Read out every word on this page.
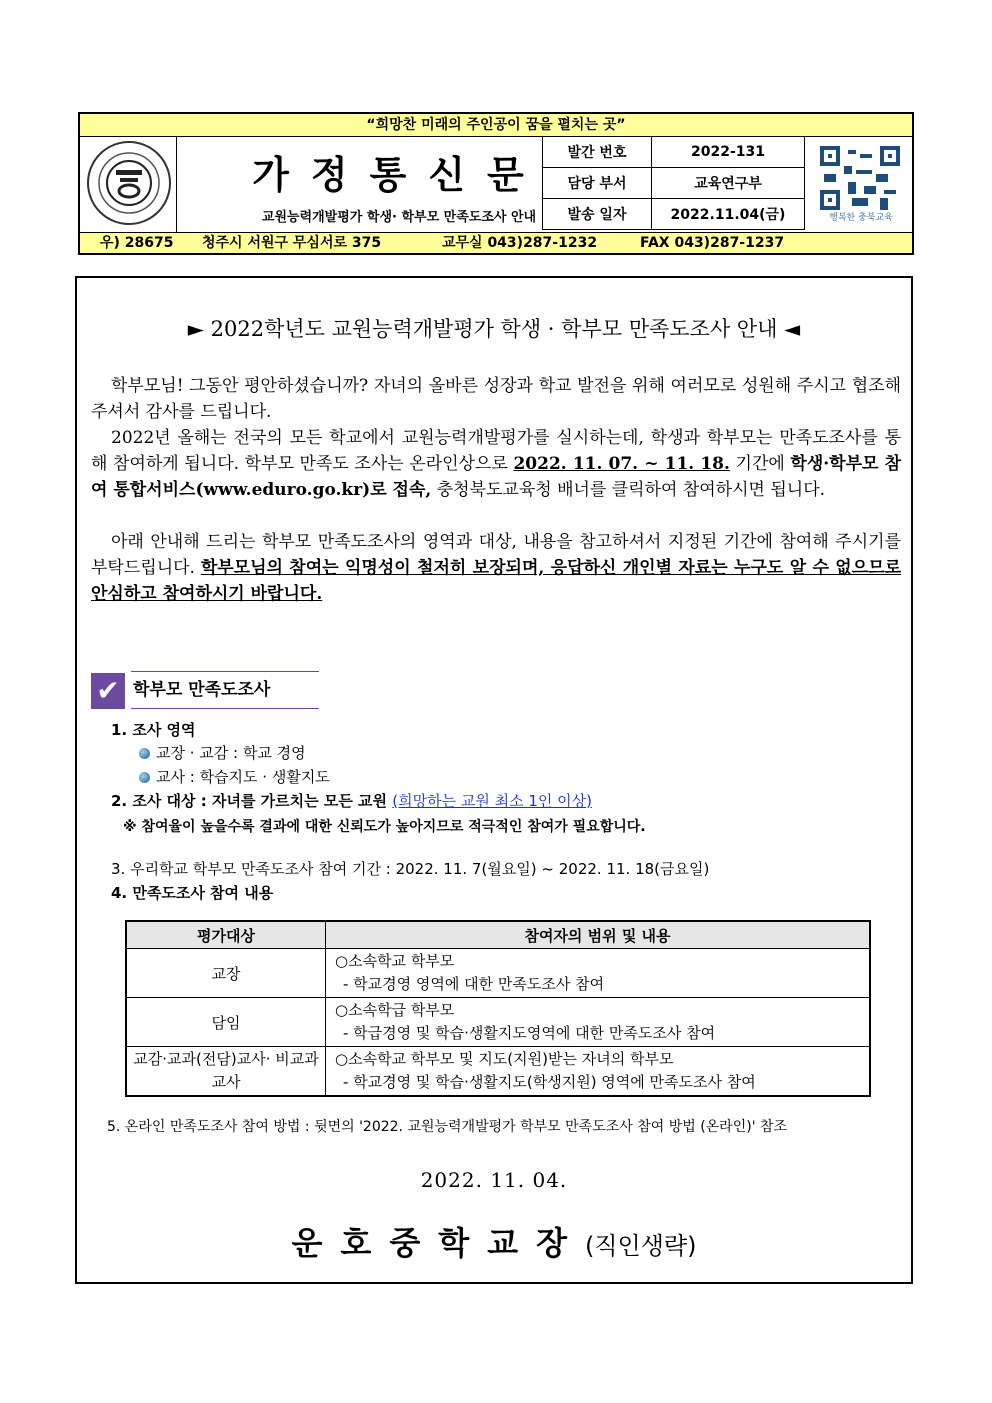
“희망찬 미래의 주인공이 꿈을 펼치는 곳”
가정통신문
교원능력개발평가 학생· 학부모 만족도조사 안내
발간 번호	2022-131
담당 부서	교육연구부
발송 일자	2022.11.04(금)	행복한 충북교육
우) 28675 청주시 서원구 무심서로 375	교무실 043)287-1232	FAX 043)287-1237
► 2022학년도 교원능력개발평가 학생 · 학부모 만족도조사 안내 ◄
학부모님! 그동안 평안하셨습니까? 자녀의 올바른 성장과 학교 발전을 위해 여러모로 성원해 주시고 협조해 주셔서 감사를 드립니다.
2022년 올해는 전국의 모든 학교에서 교원능력개발평가를 실시하는데, 학생과 학부모는 만족도조사를 통해 참여하게 됩니다. 학부모 만족도 조사는 온라인상으로 2022. 11. 07. ~ 11. 18. 기간에 학생·학부모 참여 통합서비스(www.eduro.go.kr)로 접속, 충청북도교육청 배너를 클릭하여 참여하시면 됩니다.
아래 안내해 드리는 학부모 만족도조사의 영역과 대상, 내용을 참고하셔서 지정된 기간에 참여해 주시기를 부탁드립니다. 학부모님의 참여는 익명성이 철저히 보장되며, 응답하신 개인별 자료는 누구도 알 수 없으므로 안심하고 참여하시기 바랍니다.
✔ 학부모 만족도조사
1. 조사 영역
교장 · 교감 : 학교 경영
교사 : 학습지도 · 생활지도
2. 조사 대상 : 자녀를 가르치는 모든 교원 (희망하는 교원 최소 1인 이상)
※ 참여율이 높을수록 결과에 대한 신뢰도가 높아지므로 적극적인 참여가 필요합니다.
3. 우리학교 학부모 만족도조사 참여 기간 : 2022. 11. 7(월요일) ~ 2022. 11. 18(금요일)
4. 만족도조사 참여 내용
평가대상	참여자의 범위 및 내용
교장	○소속학교 학부모
- 학교경영 영역에 대한 만족도조사 참여

담임	○소속학급 학부모
- 학급경영 및 학습·생활지도영역에 대한 만족도조사 참여

교감·교과(전담)교사· 비교과교사	○소속학교 학부모 및 지도(지원)받는 자녀의 학부모
- 학교경영 및 학습·생활지도(학생지원) 영역에 만족도조사 참여
5. 온라인 만족도조사 참여 방법 : 뒷면의 '2022. 교원능력개발평가 학부모 만족도조사 참여 방법 (온라인)' 참조
2022. 11. 04.
운호중학교장(직인생략)
